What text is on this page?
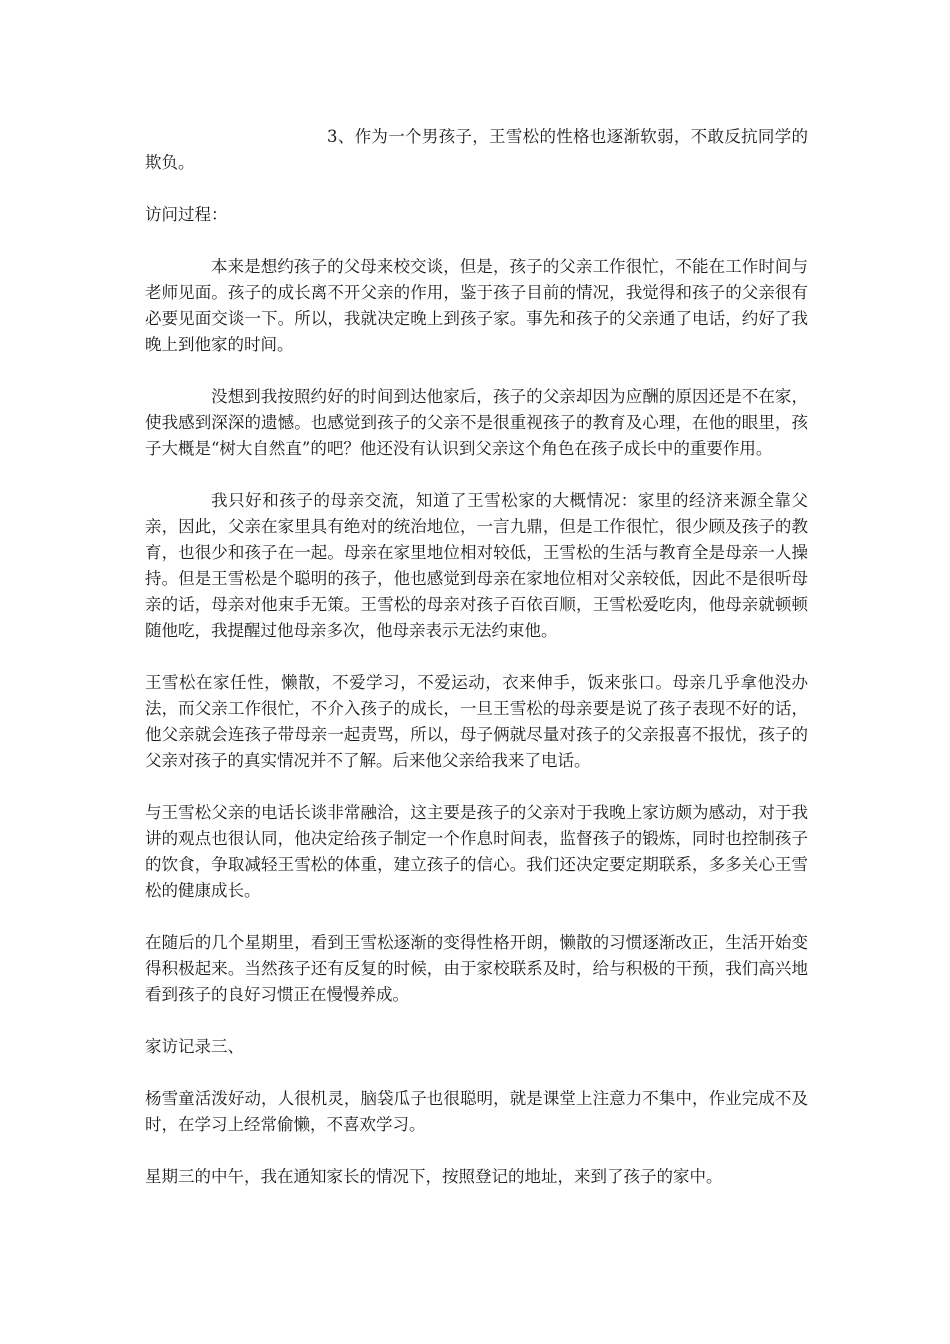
3、作为一个男孩子，王雪松的性格也逐渐软弱，不敢反抗同学的欺负。

访问过程：

本来是想约孩子的父母来校交谈，但是，孩子的父亲工作很忙，不能在工作时间与老师见面。孩子的成长离不开父亲的作用，鉴于孩子目前的情况，我觉得和孩子的父亲很有必要见面交谈一下。所以，我就决定晚上到孩子家。事先和孩子的父亲通了电话，约好了我晚上到他家的时间。

没想到我按照约好的时间到达他家后，孩子的父亲却因为应酬的原因还是不在家，使我感到深深的遗憾。也感觉到孩子的父亲不是很重视孩子的教育及心理，在他的眼里，孩子大概是“树大自然直”的吧？他还没有认识到父亲这个角色在孩子成长中的重要作用。

我只好和孩子的母亲交流，知道了王雪松家的大概情况：家里的经济来源全靠父亲，因此，父亲在家里具有绝对的统治地位，一言九鼎，但是工作很忙，很少顾及孩子的教育，也很少和孩子在一起。母亲在家里地位相对较低，王雪松的生活与教育全是母亲一人操持。但是王雪松是个聪明的孩子，他也感觉到母亲在家地位相对父亲较低，因此不是很听母亲的话，母亲对他束手无策。王雪松的母亲对孩子百依百顺，王雪松爱吃肉，他母亲就顿顿随他吃，我提醒过他母亲多次，他母亲表示无法约束他。

王雪松在家任性，懒散，不爱学习，不爱运动，衣来伸手，饭来张口。母亲几乎拿他没办法，而父亲工作很忙，不介入孩子的成长，一旦王雪松的母亲要是说了孩子表现不好的话，他父亲就会连孩子带母亲一起责骂，所以，母子俩就尽量对孩子的父亲报喜不报忧，孩子的父亲对孩子的真实情况并不了解。后来他父亲给我来了电话。

与王雪松父亲的电话长谈非常融洽，这主要是孩子的父亲对于我晚上家访颇为感动，对于我讲的观点也很认同，他决定给孩子制定一个作息时间表，监督孩子的锻炼，同时也控制孩子的饮食，争取减轻王雪松的体重，建立孩子的信心。我们还决定要定期联系，多多关心王雪松的健康成长。

在随后的几个星期里，看到王雪松逐渐的变得性格开朗，懒散的习惯逐渐改正，生活开始变得积极起来。当然孩子还有反复的时候，由于家校联系及时，给与积极的干预，我们高兴地看到孩子的良好习惯正在慢慢养成。

家访记录三、

杨雪童活泼好动，人很机灵，脑袋瓜子也很聪明，就是课堂上注意力不集中，作业完成不及时，在学习上经常偷懒，不喜欢学习。

星期三的中午，我在通知家长的情况下，按照登记的地址，来到了孩子的家中。
